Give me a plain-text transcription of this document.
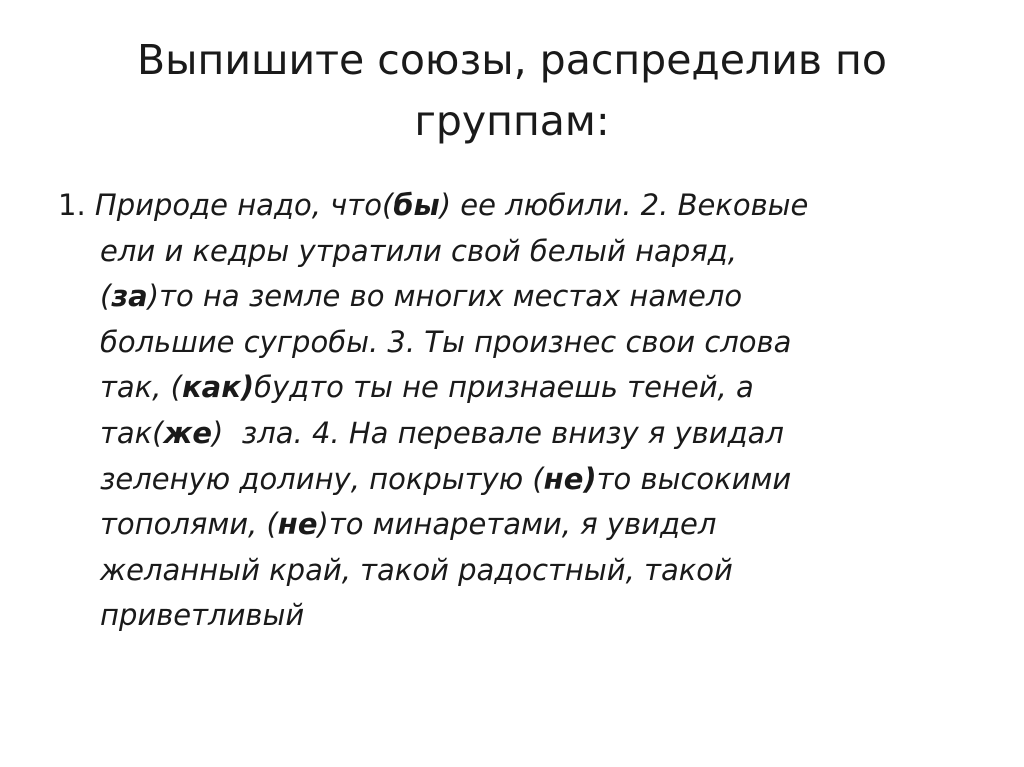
Выпишите союзы, распределив по
группам:
1. Природе надо, что(бы) ее любили. 2. Вековые
ели и кедры утратили свой белый наряд,
(за)то на земле во многих местах намело
большие сугробы. 3. Ты произнес свои слова
так, (как)будто ты не признаешь теней, а
так(же)  зла. 4. На перевале внизу я увидал
зеленую долину, покрытую (не)то высокими
тополями, (не)то минаретами, я увидел
желанный край, такой радостный, такой
приветливый
